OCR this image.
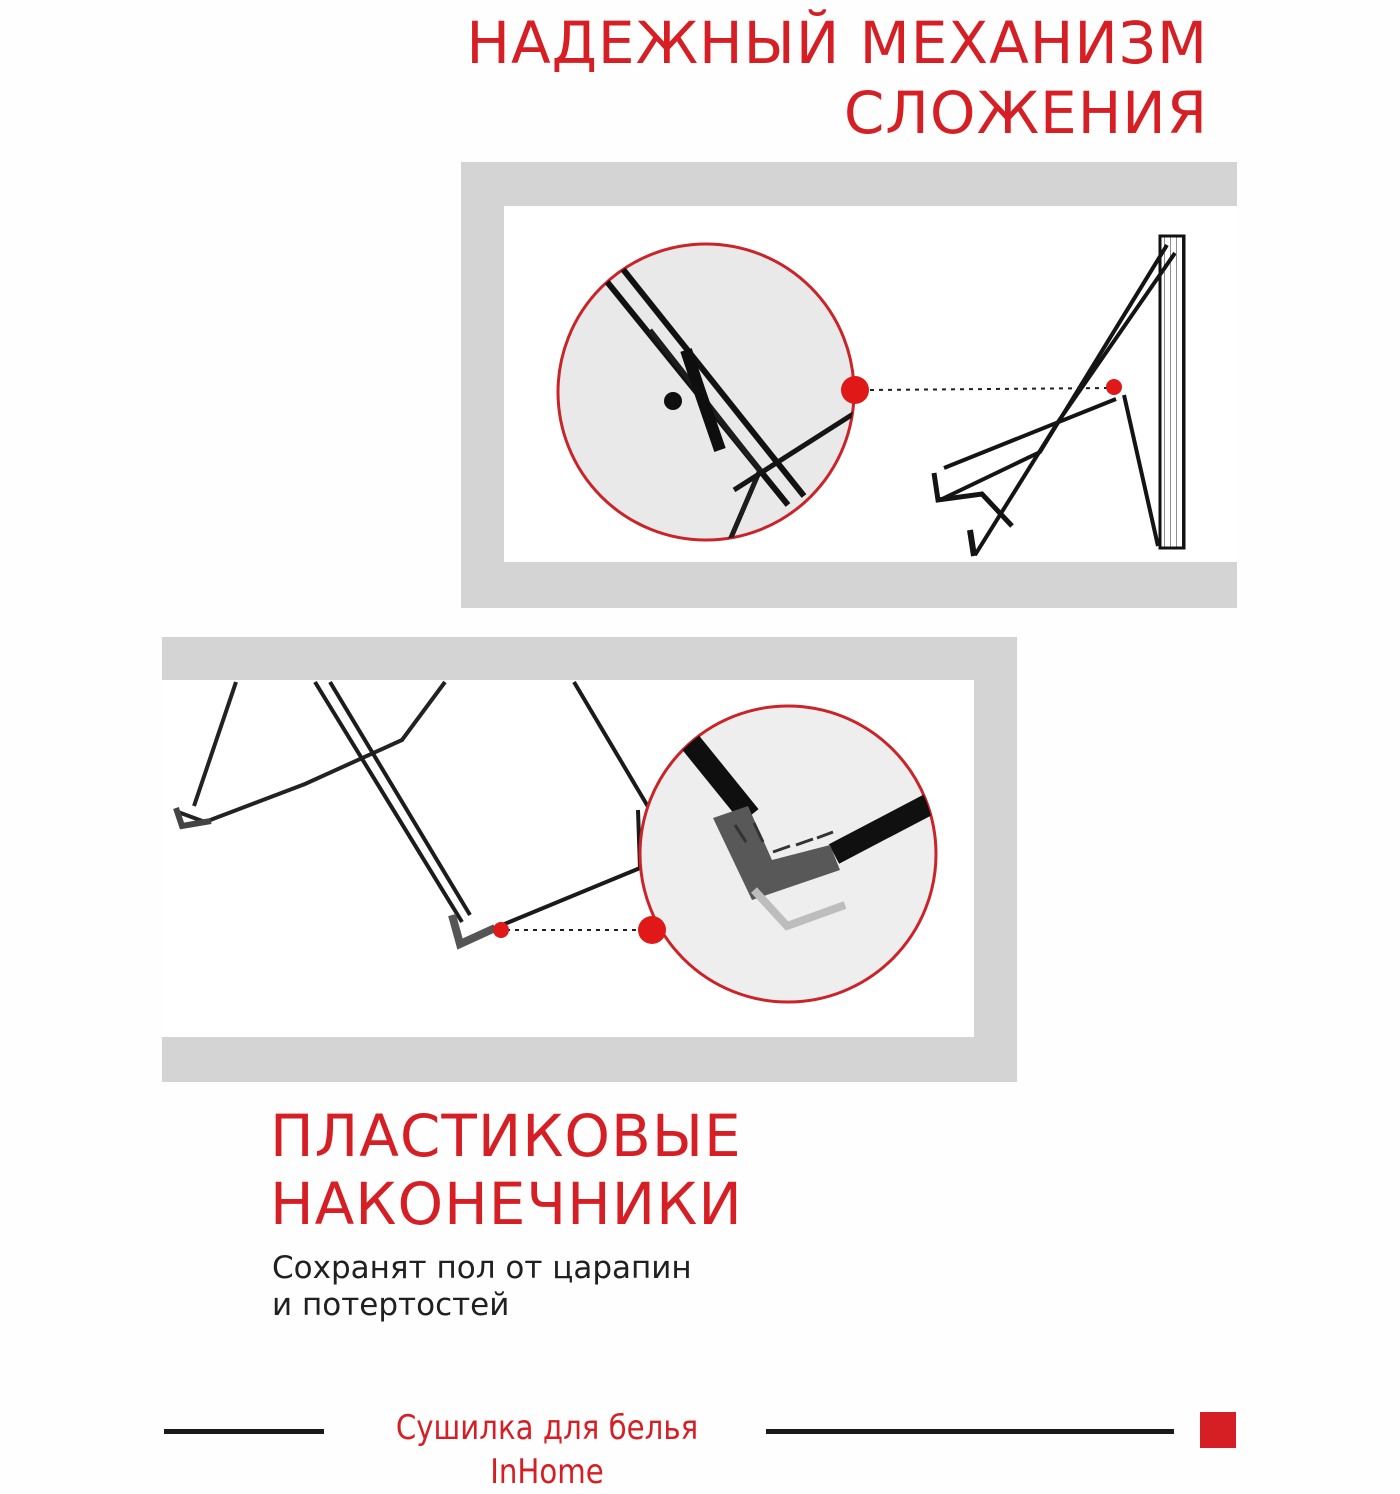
НАДЕЖНЫЙ МЕХАНИЗМ
СЛОЖЕНИЯ
ПЛАСТИКОВЫЕ
НАКОНЕЧНИКИ

Сохранят пол от царапин
и потертостей

Сушилка для белья InHome
